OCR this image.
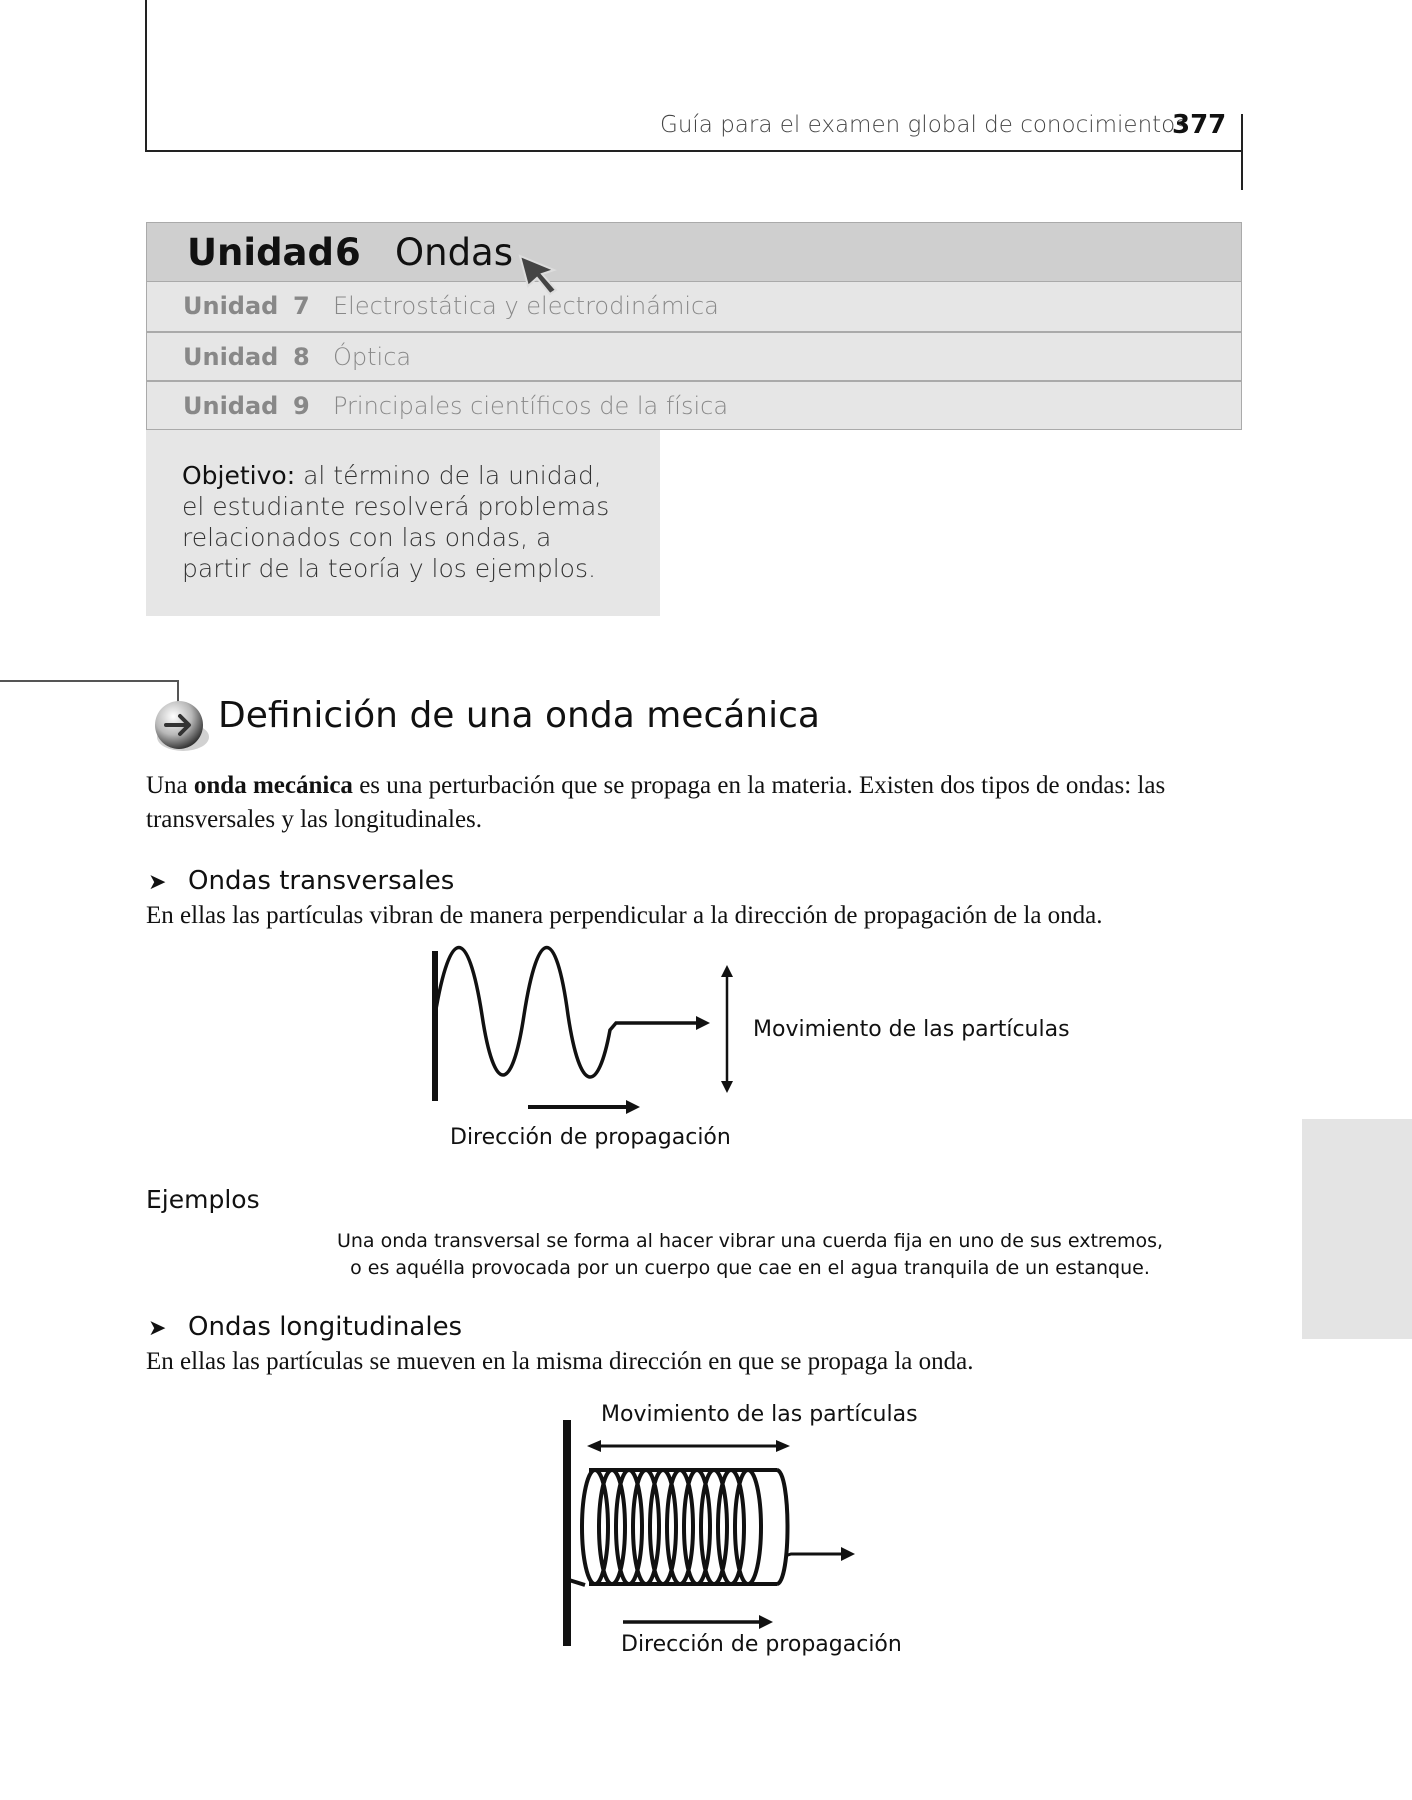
Guía para el examen global de conocimientos
377
Unidad 6 Ondas
Unidad 7 Electrostática y electrodinámica
Unidad 8 Óptica
Unidad 9 Principales científicos de la física
Objetivo: al término de la unidad, el estudiante resolverá problemas relacionados con las ondas, a partir de la teoría y los ejemplos.
Definición de una onda mecánica
Una onda mecánica es una perturbación que se propaga en la materia. Existen dos tipos de ondas: las transversales y las longitudinales.
➤ Ondas transversales
En ellas las partículas vibran de manera perpendicular a la dirección de propagación de la onda.
Movimiento de las partículas
Dirección de propagación
Ejemplos
Una onda transversal se forma al hacer vibrar una cuerda fija en uno de sus extremos, o es aquélla provocada por un cuerpo que cae en el agua tranquila de un estanque.
➤ Ondas longitudinales
En ellas las partículas se mueven en la misma dirección en que se propaga la onda.
Movimiento de las partículas
Dirección de propagación
